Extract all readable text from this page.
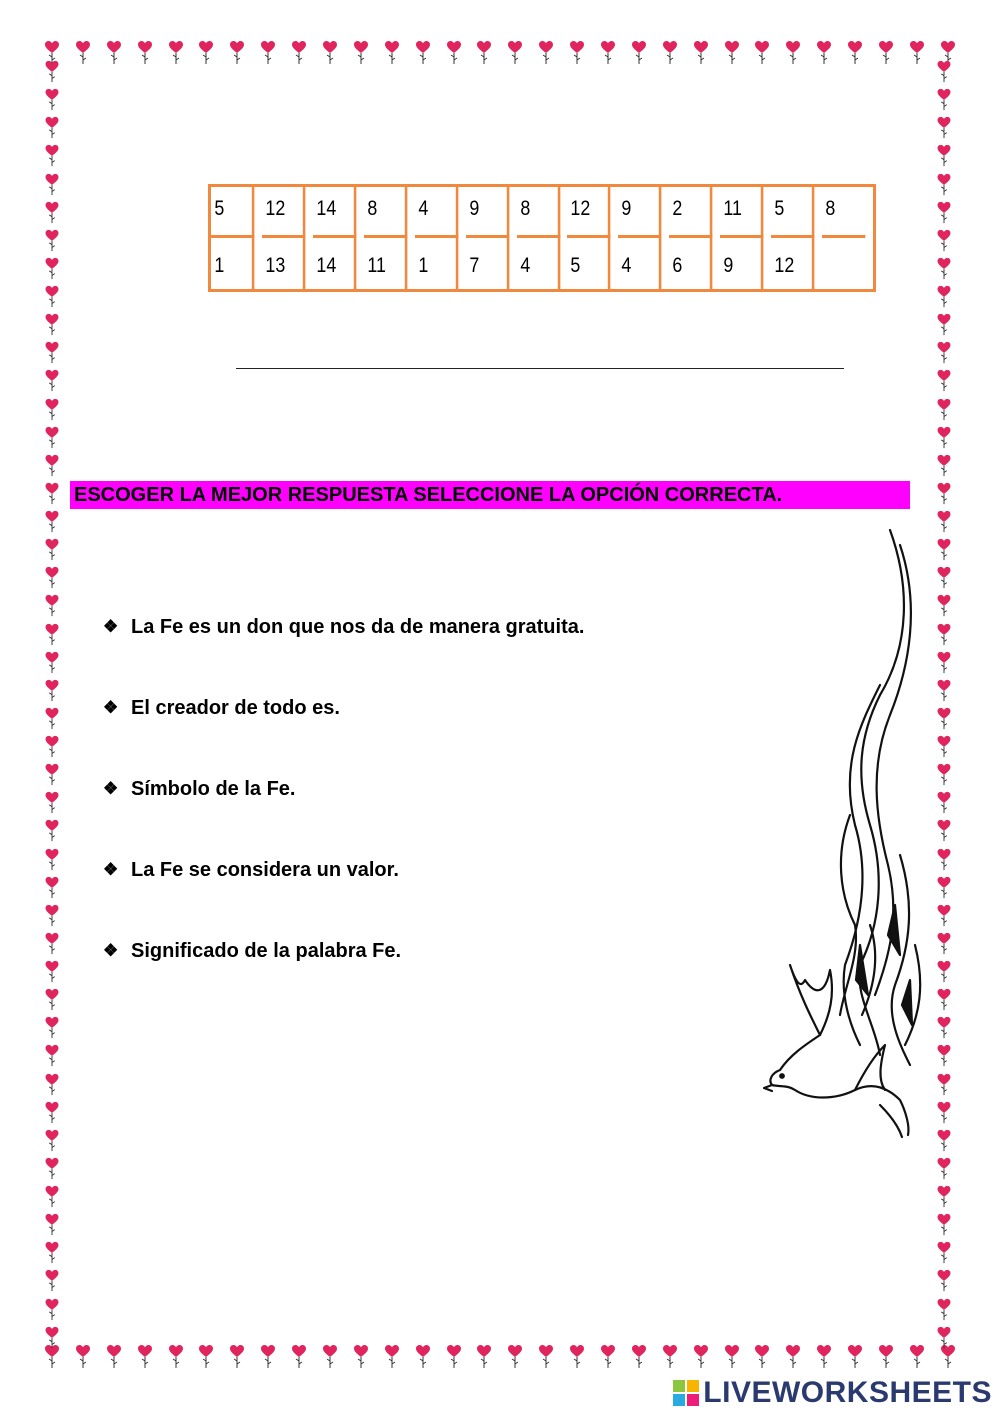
5	12	14	8	4	9	8	12	9	2	11	5	8
1	13	14	11	1	7	4	5	4	6	9	12
ESCOGER LA MEJOR RESPUESTA SELECCIONE LA OPCIÓN CORRECTA.
❖ La Fe es un don que nos da de manera gratuita.
❖ El creador de todo es.
❖ Símbolo de la Fe.
❖ La Fe se considera un valor.
❖ Significado de la palabra Fe.
LIVEWORKSHEETS
